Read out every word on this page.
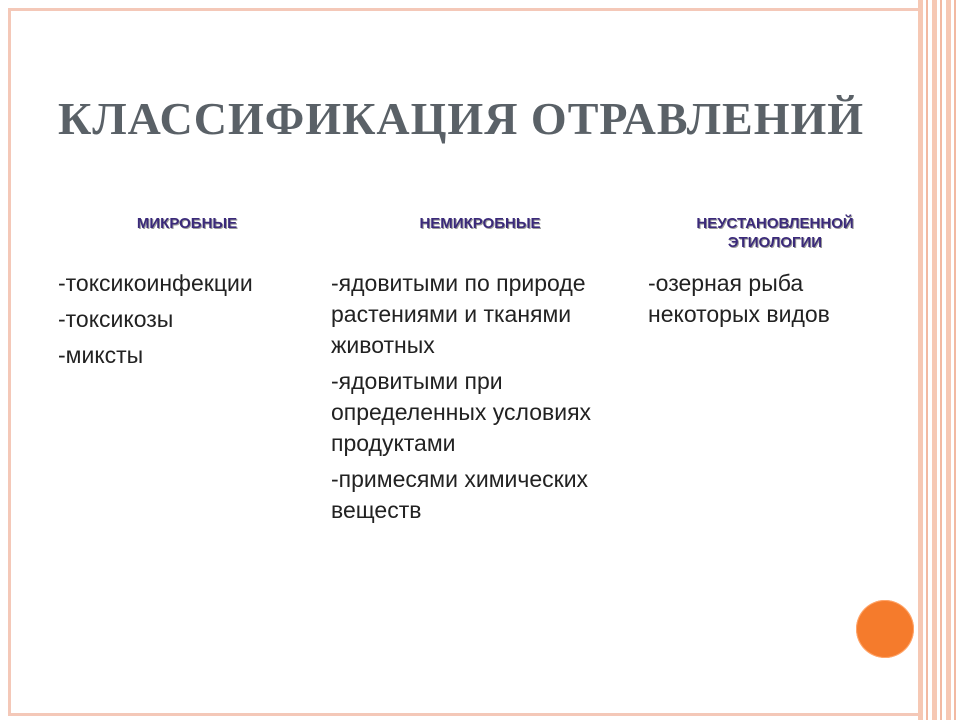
КЛАССИФИКАЦИЯ ОТРАВЛЕНИЙ
МИКРОБНЫЕ	НЕМИКРОБНЫЕ	НЕУСТАНОВЛЕННОЙ ЭТИОЛОГИИ
-токсикоинфекции
-токсикозы
-миксты
-ядовитыми по природе растениями и тканями животных
-ядовитыми при определенных условиях продуктами
-примесями химических веществ
-озерная рыба некоторых видов
